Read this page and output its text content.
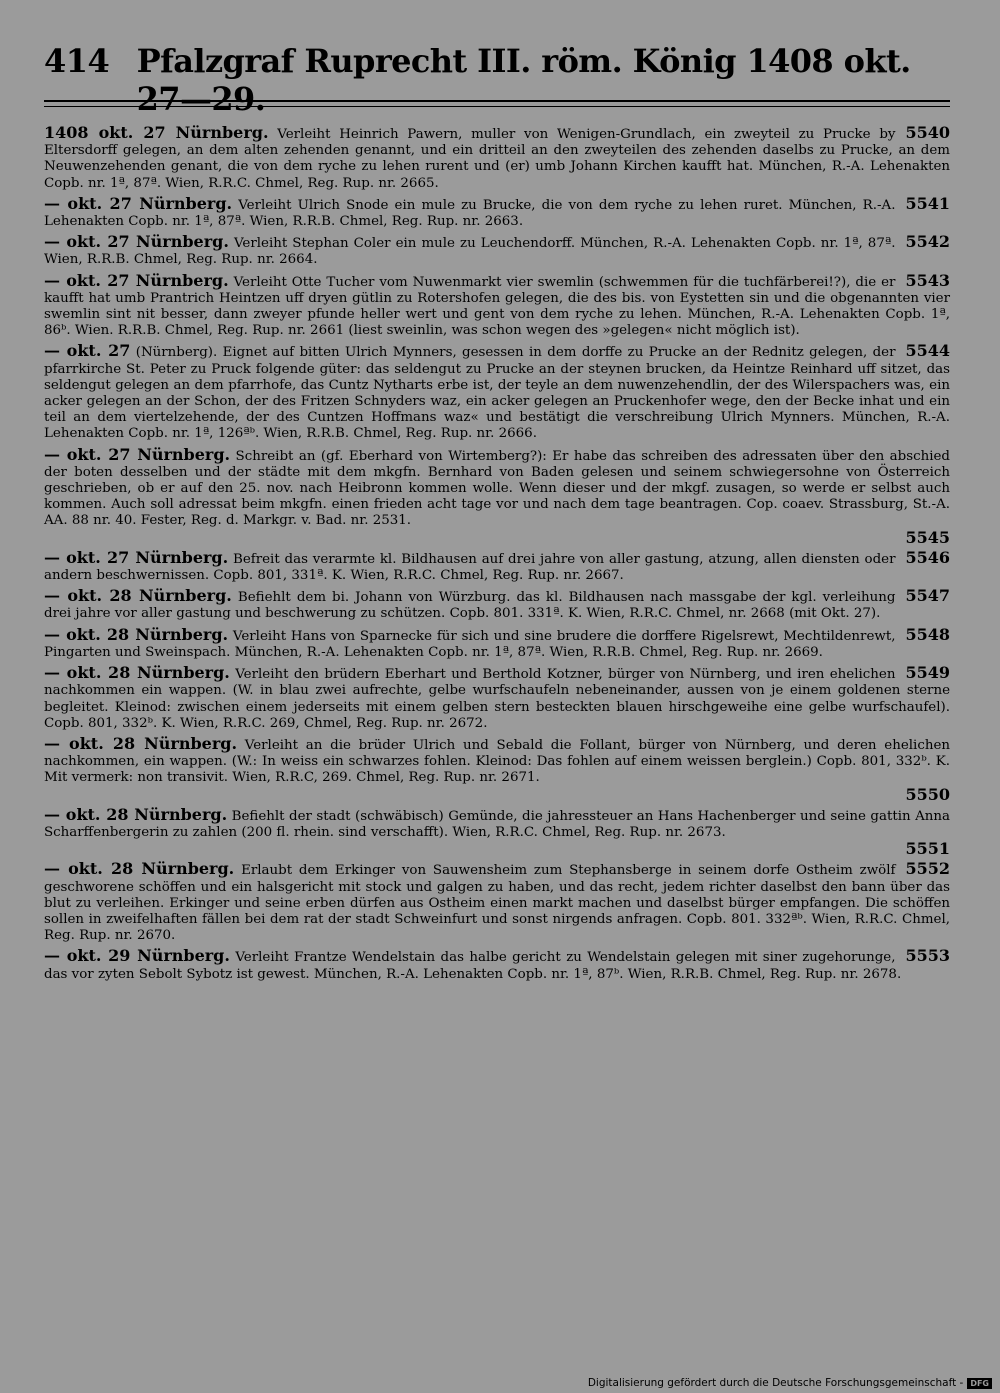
414 Pfalzgraf Ruprecht III. röm. König 1408 okt. 27—29.

5540
1408 okt. 27 Nürnberg. Verleiht Heinrich Pawern, muller von Wenigen-Grundlach, ein zweyteil zu Prucke by Eltersdorff gelegen, an dem alten zehenden genannt, und ein dritteil an den zweyteilen des zehenden daselbs zu Prucke, an dem Neuwenzehenden genant, die von dem ryche zu lehen rurent und (er) umb Johann Kirchen kaufft hat. München, R.-A. Lehenakten Copb. nr. 1ª, 87ª. Wien, R.R.C. Chmel, Reg. Rup. nr. 2665.

5541
— okt. 27 Nürnberg. Verleiht Ulrich Snode ein mule zu Brucke, die von dem ryche zu lehen ruret. München, R.-A. Lehenakten Copb. nr. 1ª, 87ª. Wien, R.R.B. Chmel, Reg. Rup. nr. 2663.

5542
— okt. 27 Nürnberg. Verleiht Stephan Coler ein mule zu Leuchendorff. München, R.-A. Lehenakten Copb. nr. 1ª, 87ª. Wien, R.R.B. Chmel, Reg. Rup. nr. 2664.

5543
— okt. 27 Nürnberg. Verleiht Otte Tucher vom Nuwenmarkt vier swemlin (schwemmen für die tuchfärberei!?), die er kaufft hat umb Prantrich Heintzen uff dryen gütlin zu Rotershofen gelegen, die des bis. von Eystetten sin und die obgenannten vier swemlin sint nit besser, dann zweyer pfunde heller wert und gent von dem ryche zu lehen. München, R.-A. Lehenakten Copb. 1ª, 86ᵇ. Wien. R.R.B. Chmel, Reg. Rup. nr. 2661 (liest sweinlin, was schon wegen des »gelegen« nicht möglich ist).

5544
— okt. 27 (Nürnberg). Eignet auf bitten Ulrich Mynners, gesessen in dem dorffe zu Prucke an der Rednitz gelegen, der pfarrkirche St. Peter zu Pruck folgende güter: das seldengut zu Prucke an der steynen brucken, da Heintze Reinhard uff sitzet, das seldengut gelegen an dem pfarrhofe, das Cuntz Nytharts erbe ist, der teyle an dem nuwenzehendlin, der des Wilerspachers was, ein acker gelegen an der Schon, der des Fritzen Schnyders waz, ein acker gelegen an Pruckenhofer wege, den der Becke inhat und ein teil an dem viertelzehende, der des Cuntzen Hoffmans waz« und bestätigt die verschreibung Ulrich Mynners. München, R.-A. Lehenakten Copb. nr. 1ª, 126ªᵇ. Wien, R.R.B. Chmel, Reg. Rup. nr. 2666.

— okt. 27 Nürnberg. Schreibt an (gf. Eberhard von Wirtemberg?): Er habe das schreiben des adressaten über den abschied der boten desselben und der städte mit dem mkgfn. Bernhard von Baden gelesen und seinem schwiegersohne von Österreich geschrieben, ob er auf den 25. nov. nach Heibronn kommen wolle. Wenn dieser und der mkgf. zusagen, so werde er selbst auch kommen. Auch soll adressat beim mkgfn. einen frieden acht tage vor und nach dem tage beantragen. Cop. coaev. Strassburg, St.-A. AA. 88 nr. 40. Fester, Reg. d. Markgr. v. Bad. nr. 2531.
5545

5546
— okt. 27 Nürnberg. Befreit das verarmte kl. Bildhausen auf drei jahre von aller gastung, atzung, allen diensten oder andern beschwernissen. Copb. 801, 331ª. K. Wien, R.R.C. Chmel, Reg. Rup. nr. 2667.

5547
— okt. 28 Nürnberg. Befiehlt dem bi. Johann von Würzburg. das kl. Bildhausen nach massgabe der kgl. verleihung drei jahre vor aller gastung und beschwerung zu schützen. Copb. 801. 331ª. K. Wien, R.R.C. Chmel, nr. 2668 (mit Okt. 27).

5548
— okt. 28 Nürnberg. Verleiht Hans von Sparnecke für sich und sine brudere die dorffere Rigelsrewt, Mechtildenrewt, Pingarten und Sweinspach. München, R.-A. Lehenakten Copb. nr. 1ª, 87ª. Wien, R.R.B. Chmel, Reg. Rup. nr. 2669.

5549
— okt. 28 Nürnberg. Verleiht den brüdern Eberhart und Berthold Kotzner, bürger von Nürnberg, und iren ehelichen nachkommen ein wappen. (W. in blau zwei aufrechte, gelbe wurfschaufeln nebeneinander, aussen von je einem goldenen sterne begleitet. Kleinod: zwischen einem jederseits mit einem gelben stern besteckten blauen hirschgeweihe eine gelbe wurfschaufel). Copb. 801, 332ᵇ. K. Wien, R.R.C. 269, Chmel, Reg. Rup. nr. 2672.

— okt. 28 Nürnberg. Verleiht an die brüder Ulrich und Sebald die Follant, bürger von Nürnberg, und deren ehelichen nachkommen, ein wappen. (W.: In weiss ein schwarzes fohlen. Kleinod: Das fohlen auf einem weissen berglein.) Copb. 801, 332ᵇ. K. Mit vermerk: non transivit. Wien, R.R.C, 269. Chmel, Reg. Rup. nr. 2671.
5550

— okt. 28 Nürnberg. Befiehlt der stadt (schwäbisch) Gemünde, die jahressteuer an Hans Hachenberger und seine gattin Anna Scharffenbergerin zu zahlen (200 fl. rhein. sind verschafft). Wien, R.R.C. Chmel, Reg. Rup. nr. 2673.
5551

5552
— okt. 28 Nürnberg. Erlaubt dem Erkinger von Sauwensheim zum Stephansberge in seinem dorfe Ostheim zwölf geschworene schöffen und ein halsgericht mit stock und galgen zu haben, und das recht, jedem richter daselbst den bann über das blut zu verleihen. Erkinger und seine erben dürfen aus Ostheim einen markt machen und daselbst bürger empfangen. Die schöffen sollen in zweifelhaften fällen bei dem rat der stadt Schweinfurt und sonst nirgends anfragen. Copb. 801. 332ªᵇ. Wien, R.R.C. Chmel, Reg. Rup. nr. 2670.

5553
— okt. 29 Nürnberg. Verleiht Frantze Wendelstain das halbe gericht zu Wendelstain gelegen mit siner zugehorunge, das vor zyten Sebolt Sybotz ist gewest. München, R.-A. Lehenakten Copb. nr. 1ª, 87ᵇ. Wien, R.R.B. Chmel, Reg. Rup. nr. 2678.

Digitalisierung gefördert durch die Deutsche Forschungsgemeinschaft - DFG
